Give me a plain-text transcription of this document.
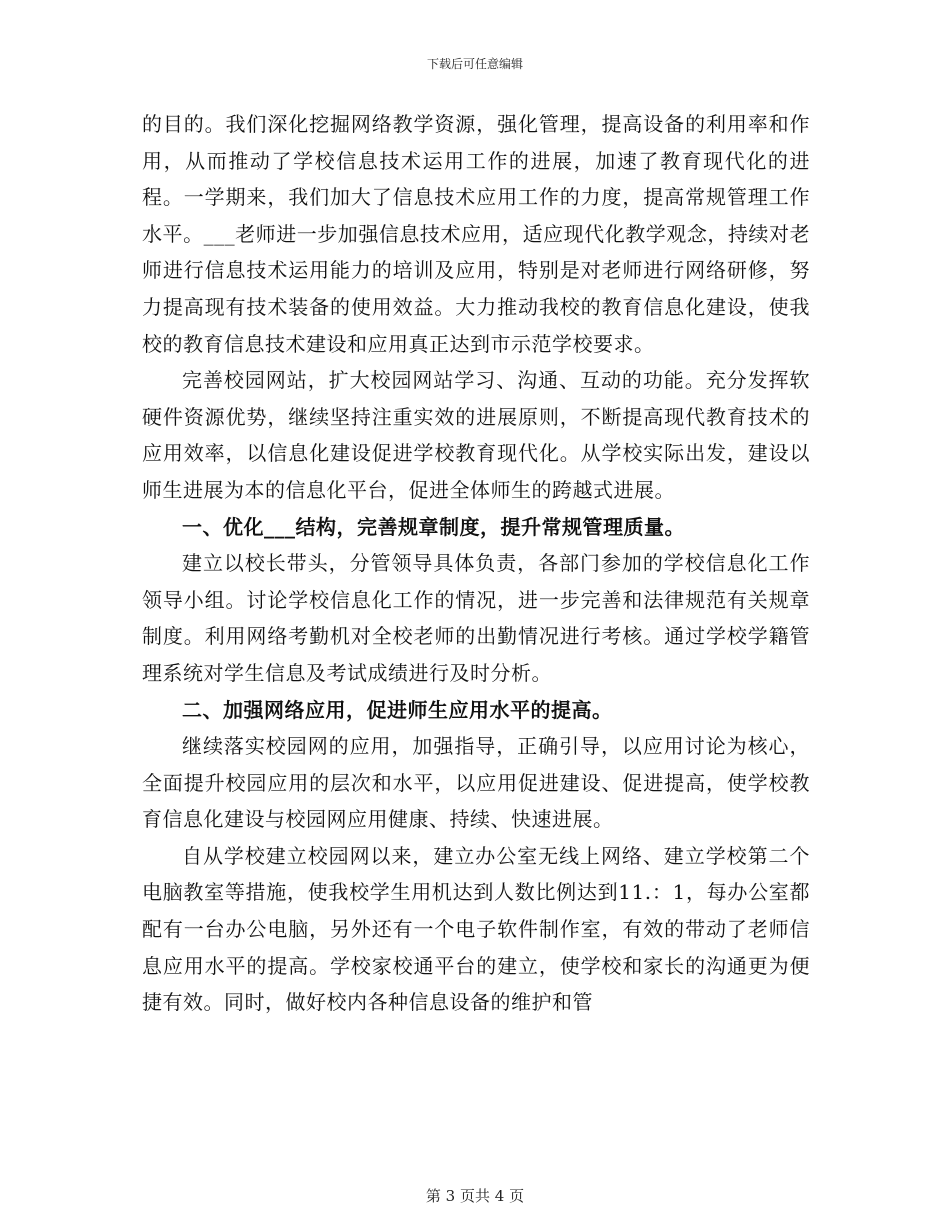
下载后可任意编辑

的目的。我们深化挖掘网络教学资源，强化管理，提高设备的利用率和作用，从而推动了学校信息技术运用工作的进展，加速了教育现代化的进程。一学期来，我们加大了信息技术应用工作的力度，提高常规管理工作水平。___老师进一步加强信息技术应用，适应现代化教学观念，持续对老师进行信息技术运用能力的培训及应用，特别是对老师进行网络研修，努力提高现有技术装备的使用效益。大力推动我校的教育信息化建设，使我校的教育信息技术建设和应用真正达到市示范学校要求。

完善校园网站，扩大校园网站学习、沟通、互动的功能。充分发挥软硬件资源优势，继续坚持注重实效的进展原则，不断提高现代教育技术的应用效率，以信息化建设促进学校教育现代化。从学校实际出发，建设以师生进展为本的信息化平台，促进全体师生的跨越式进展。

一、优化___结构，完善规章制度，提升常规管理质量。

建立以校长带头，分管领导具体负责，各部门参加的学校信息化工作领导小组。讨论学校信息化工作的情况，进一步完善和法律规范有关规章制度。利用网络考勤机对全校老师的出勤情况进行考核。通过学校学籍管理系统对学生信息及考试成绩进行及时分析。

二、加强网络应用，促进师生应用水平的提高。

继续落实校园网的应用，加强指导，正确引导，以应用讨论为核心，全面提升校园应用的层次和水平，以应用促进建设、促进提高，使学校教育信息化建设与校园网应用健康、持续、快速进展。

自从学校建立校园网以来，建立办公室无线上网络、建立学校第二个电脑教室等措施，使我校学生用机达到人数比例达到11.：1，每办公室都配有一台办公电脑，另外还有一个电子软件制作室，有效的带动了老师信息应用水平的提高。学校家校通平台的建立，使学校和家长的沟通更为便捷有效。同时，做好校内各种信息设备的维护和管

第 3 页共 4 页
